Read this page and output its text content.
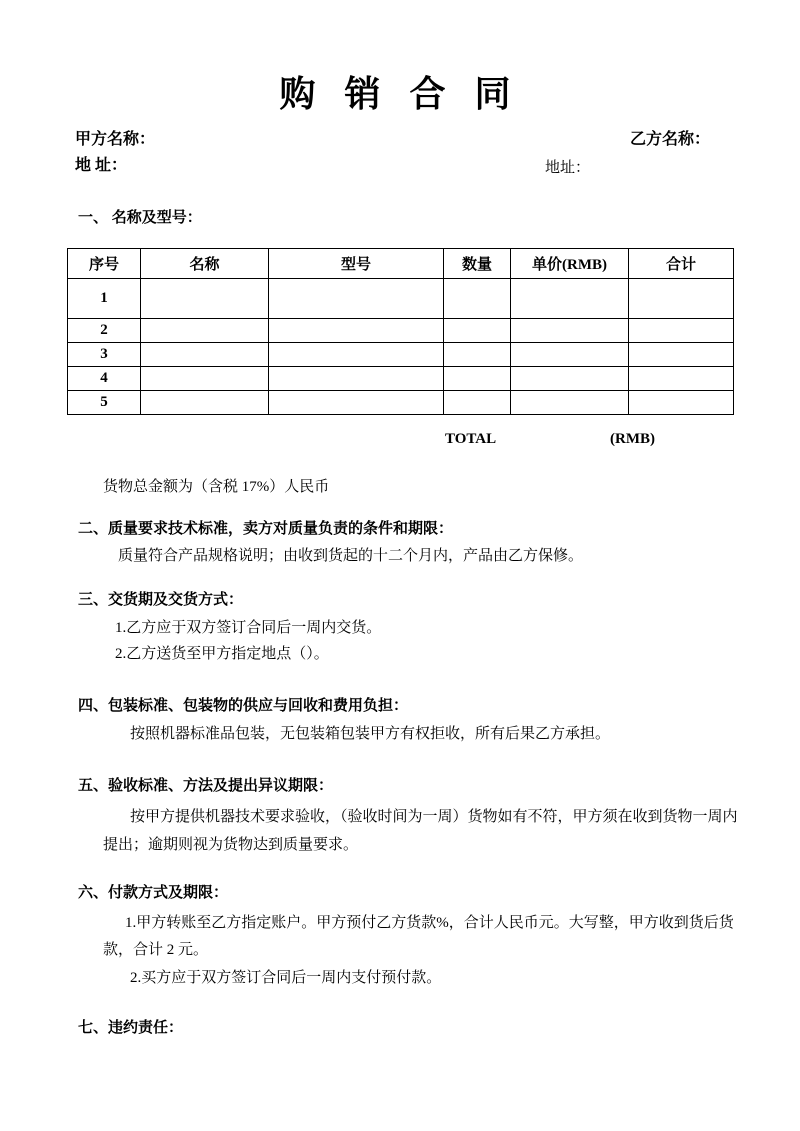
购 销 合 同
甲方名称：	乙方名称：
地 址：	地址：
一、 名称及型号：
序号	名称	型号	数量	单价(RMB)	合计
1					
2					
3					
4					
5					
TOTAL	(RMB)

货物总金额为（含税 17%）人民币

二、质量要求技术标准，卖方对质量负责的条件和期限：

质量符合产品规格说明；由收到货起的十二个月内，产品由乙方保修。

三、交货期及交货方式：

1.乙方应于双方签订合同后一周内交货。

2.乙方送货至甲方指定地点（）。

四、包装标准、包装物的供应与回收和费用负担：

按照机器标准品包装，无包装箱包装甲方有权拒收，所有后果乙方承担。

五、验收标准、方法及提出异议期限：

按甲方提供机器技术要求验收，（验收时间为一周）货物如有不符，甲方须在收到货物一周内提出；逾期则视为货物达到质量要求。

六、付款方式及期限：

1.甲方转账至乙方指定账户。甲方预付乙方货款%，合计人民币元。大写整，甲方收到货后货款，合计 2 元。

2.买方应于双方签订合同后一周内支付预付款。

七、违约责任：
